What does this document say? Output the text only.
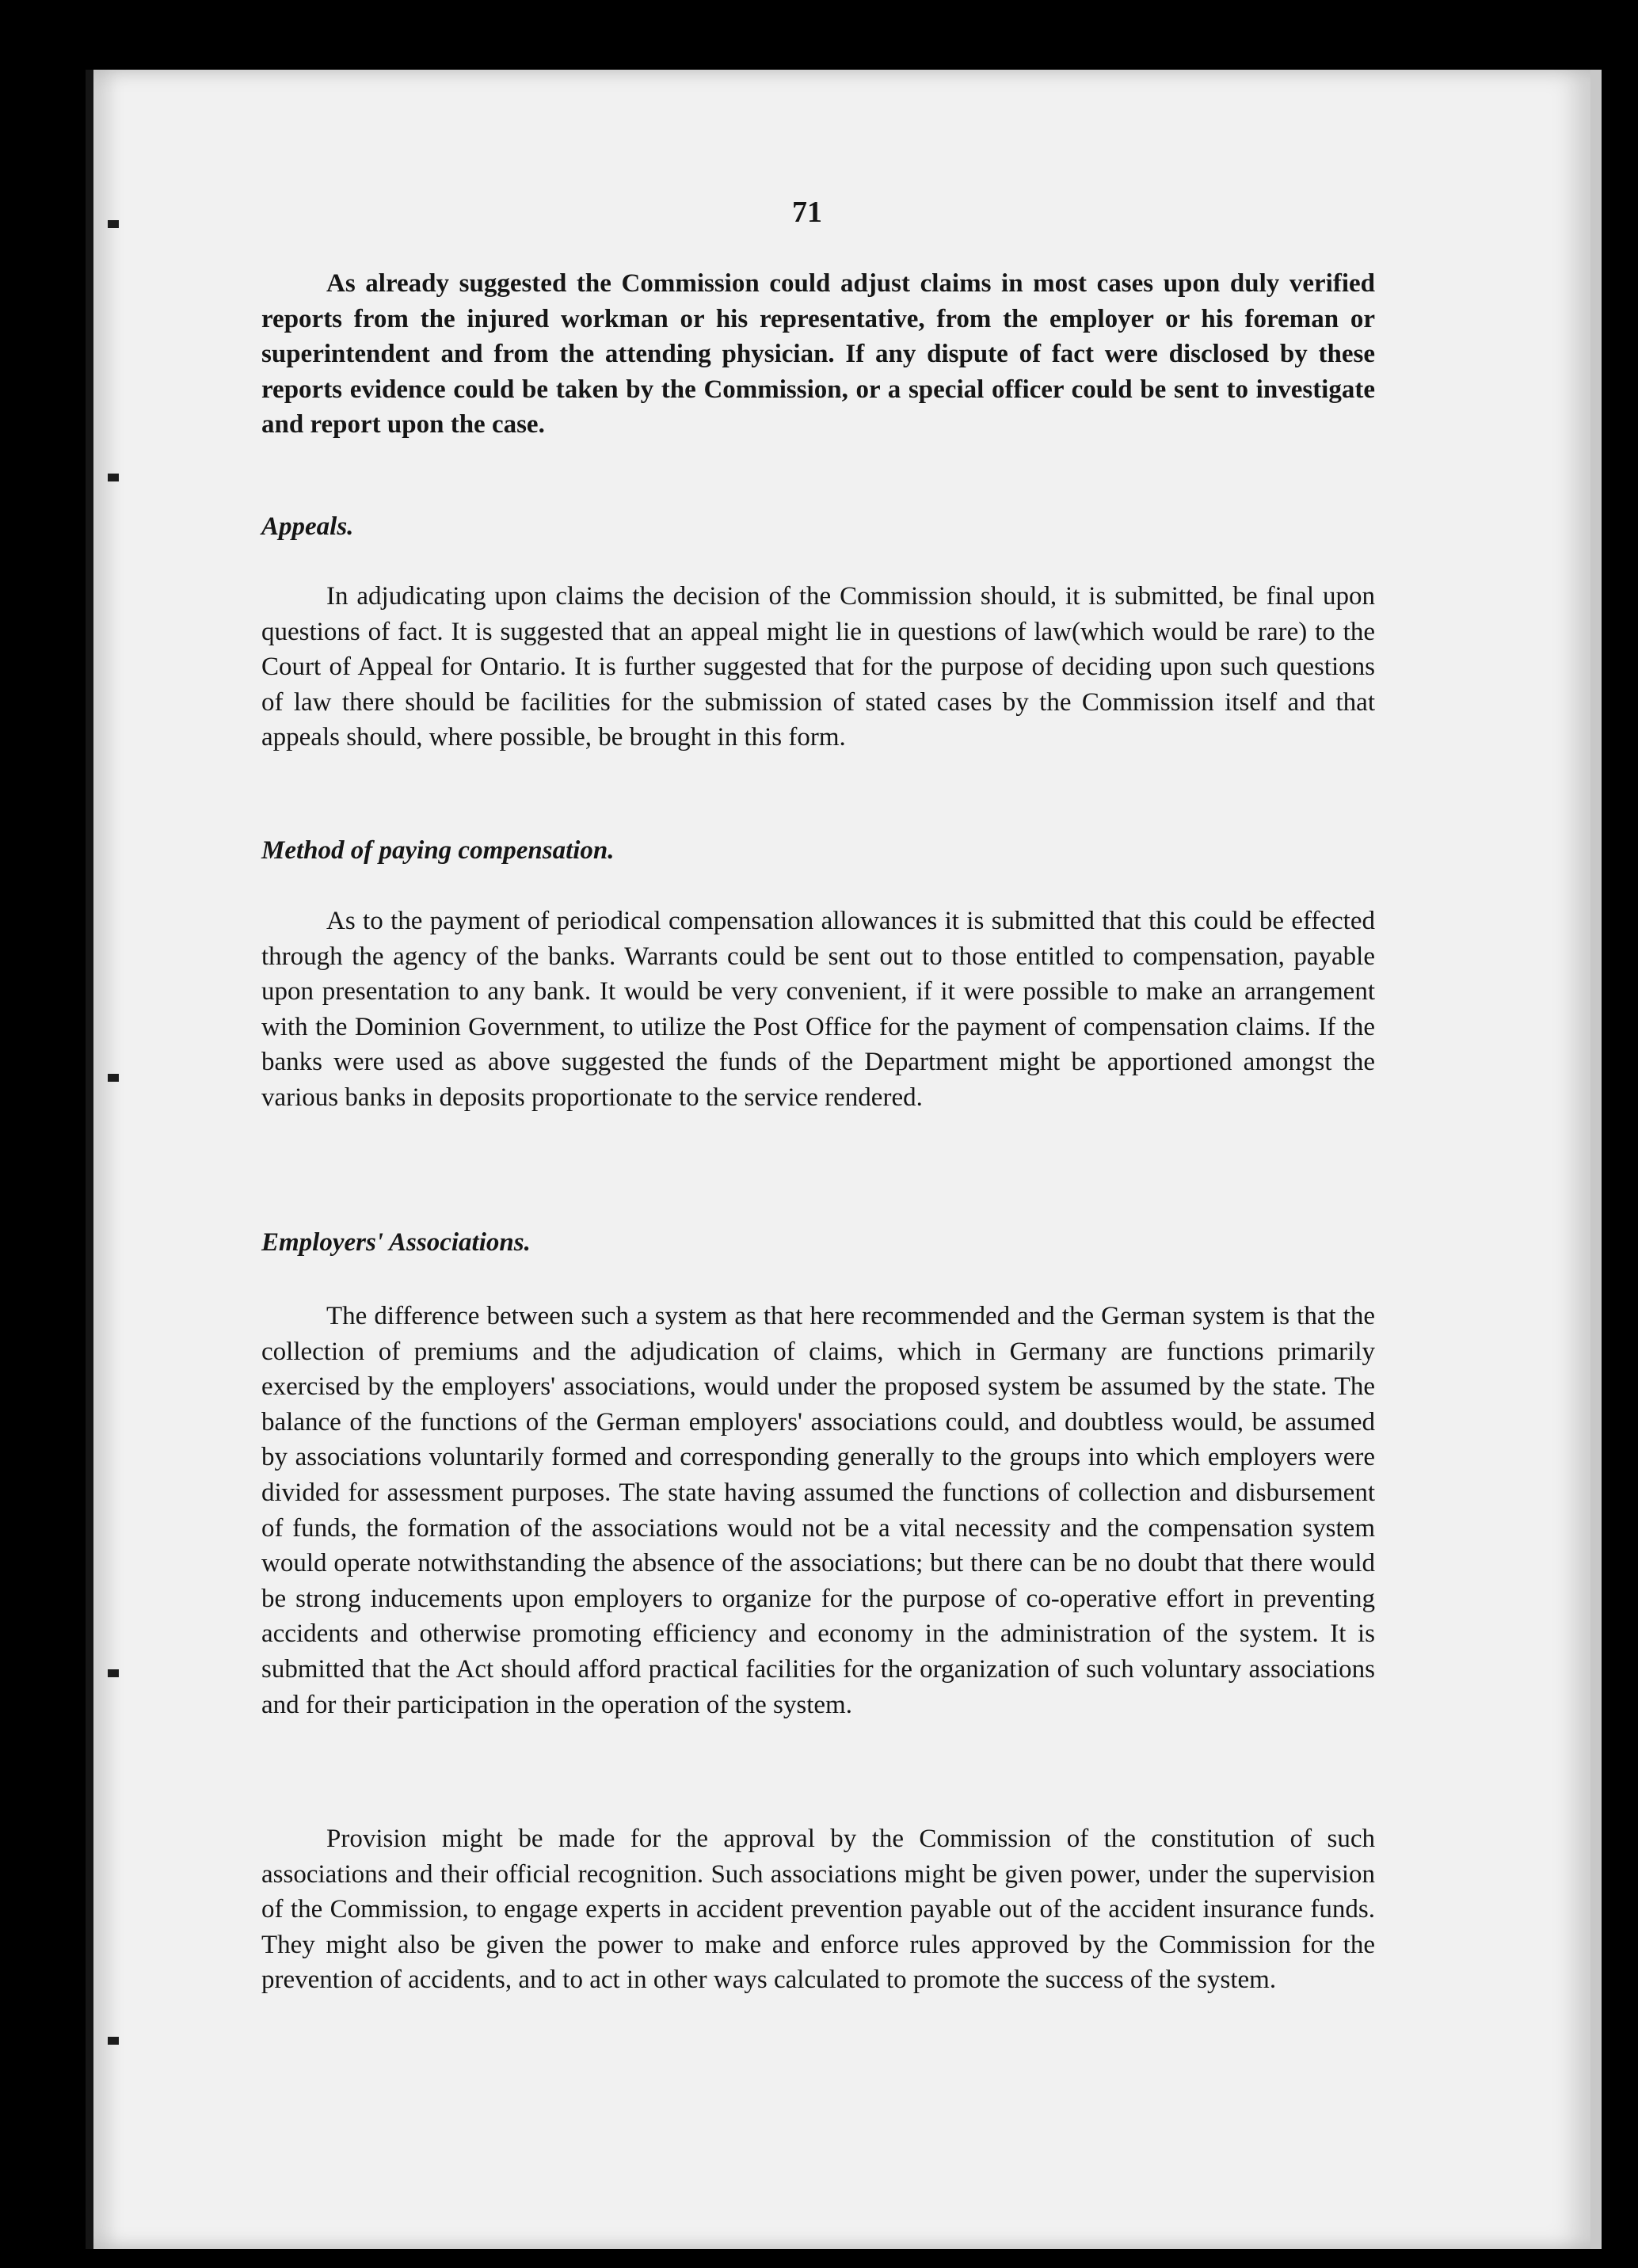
71

As already suggested the Commission could adjust claims in most cases upon duly verified reports from the injured workman or his representative, from the employer or his foreman or superintendent and from the attending physician. If any dispute of fact were disclosed by these reports evidence could be taken by the Commission, or a special officer could be sent to investigate and report upon the case.

Appeals.

In adjudicating upon claims the decision of the Commission should, it is submitted, be final upon questions of fact. It is suggested that an appeal might lie in questions of law(which would be rare) to the Court of Appeal for Ontario. It is further suggested that for the purpose of deciding upon such questions of law there should be facilities for the submission of stated cases by the Commission itself and that appeals should, where possible, be brought in this form.

Method of paying compensation.

As to the payment of periodical compensation allowances it is submitted that this could be effected through the agency of the banks. Warrants could be sent out to those entitled to compensation, payable upon presentation to any bank. It would be very convenient, if it were possible to make an arrangement with the Dominion Government, to utilize the Post Office for the payment of compensation claims. If the banks were used as above suggested the funds of the Department might be apportioned amongst the various banks in deposits proportionate to the service rendered.

Employers' Associations.

The difference between such a system as that here recommended and the German system is that the collection of premiums and the adjudication of claims, which in Germany are functions primarily exercised by the employers' associations, would under the proposed system be assumed by the state. The balance of the functions of the German employers' associations could, and doubtless would, be assumed by associations voluntarily formed and corresponding generally to the groups into which employers were divided for assessment purposes. The state having assumed the functions of collection and disbursement of funds, the formation of the associations would not be a vital necessity and the compensation system would operate notwithstanding the absence of the associations; but there can be no doubt that there would be strong inducements upon employers to organize for the purpose of co-operative effort in preventing accidents and otherwise promoting efficiency and economy in the administration of the system. It is submitted that the Act should afford practical facilities for the organization of such voluntary associations and for their participation in the operation of the system.

Provision might be made for the approval by the Commission of the constitution of such associations and their official recognition. Such associations might be given power, under the supervision of the Commission, to engage experts in accident prevention payable out of the accident insurance funds. They might also be given the power to make and enforce rules approved by the Commission for the prevention of accidents, and to act in other ways calculated to promote the success of the system.
